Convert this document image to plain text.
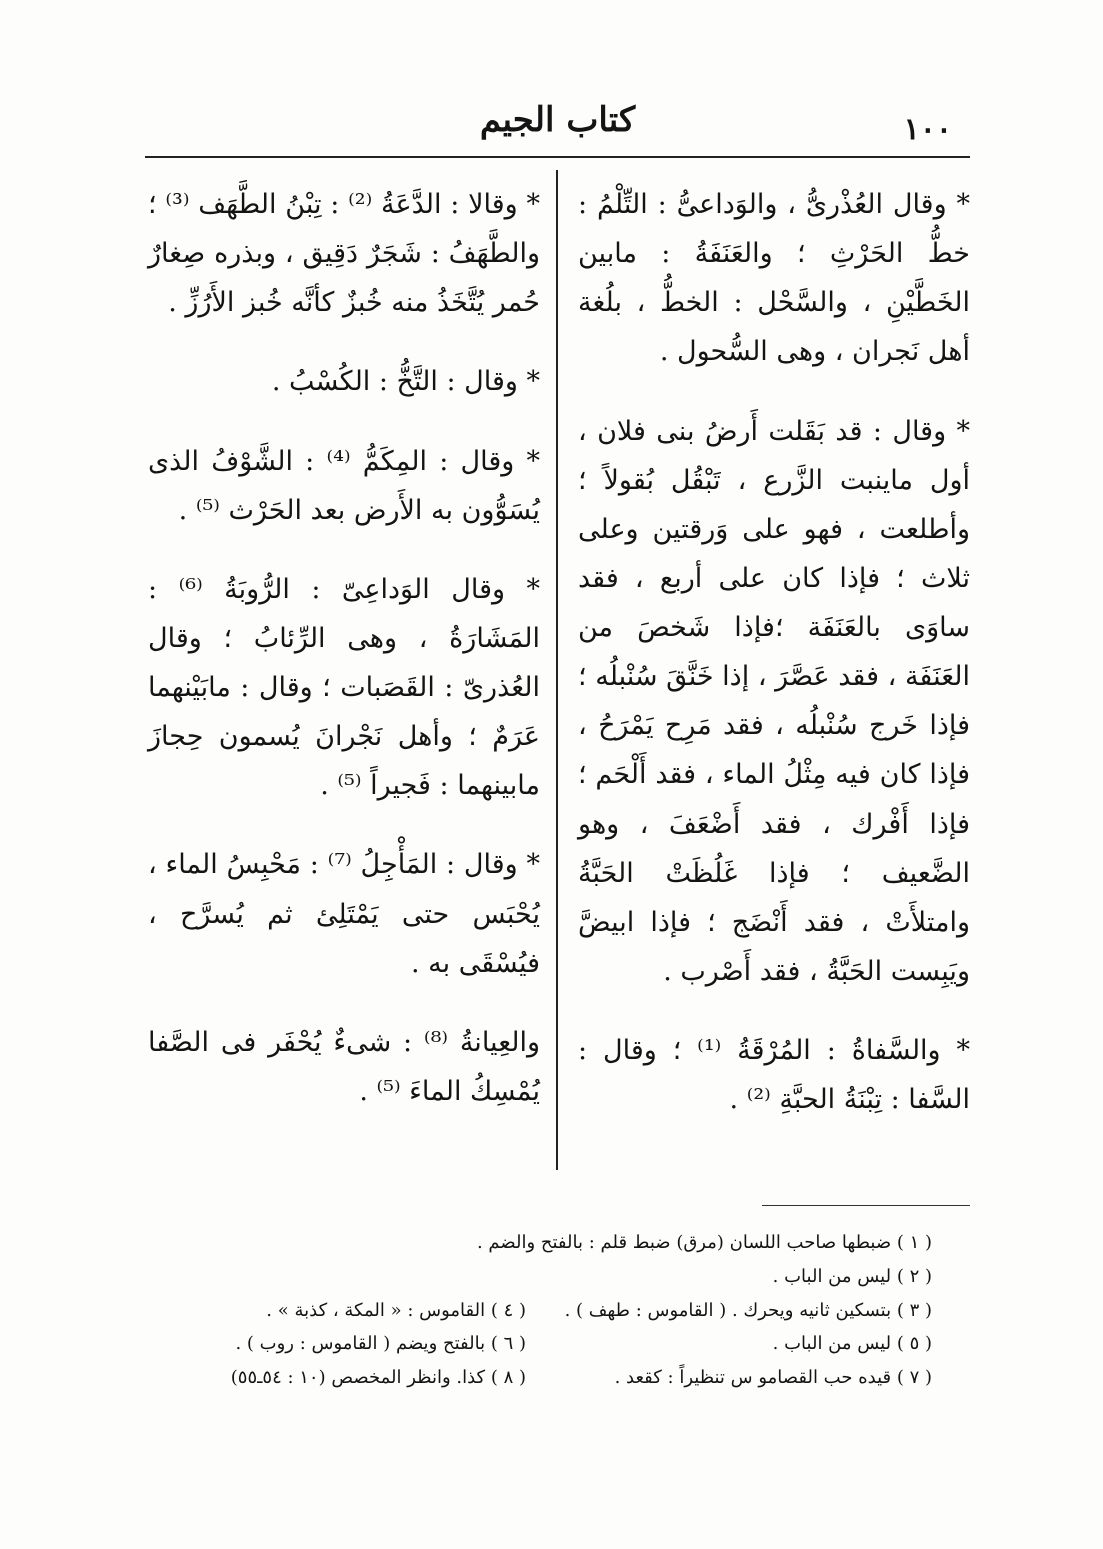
كتاب الجيم	١٠٠

* وقال العُذْرىُّ ، والوَداعىُّ : التِّلْمُ : خطُّ الحَرْثِ ؛ والعَنَفَةُ : مابين الخَطَّيْنِ ، والسَّحْل : الخطُّ ، بلُغة أهل نَجران ، وهى السُّحول .

* وقال : قد بَقَلت أَرضُ بنى فلان ، أول ماينبت الزَّرع ، تَبْقُل بُقولاً ؛ وأطلعت ، فهو على وَرقتين وعلى ثلاث ؛ فإذا كان على أربع ، فقد ساوَى بالعَنَفَة ؛فإذا شَخصَ من العَنَفَة ، فقد عَصَّرَ ، إذا خَنَّقَ سُنْبلُه ؛ فإذا خَرج سُنْبلُه ، فقد مَرِح يَمْرَحُ ، فإذا كان فيه مِثْلُ الماء ، فقد أَلْحَم ؛ فإذا أَفْرك ، فقد أَضْعَفَ ، وهو الضَّعيف ؛ فإذا غَلُظَتْ الحَبَّةُ وامتلأَتْ ، فقد أَنْضَج ؛ فإذا ابيضَّ ويَبِست الحَبَّةُ ، فقد أَصْرب .

* والسَّفاةُ : المُرْقَةُ ⁽¹⁾ ؛ وقال : السَّفا : تِبْنَةُ الحبَّةِ ⁽²⁾ .

* وقالا : الدَّعَةُ ⁽²⁾ : تِبْنُ الطَّهَف ⁽³⁾ ؛ والطَّهَفُ : شَجَرٌ دَقِيق ، وبذره صِغارٌ حُمر يُتَّخَذُ منه خُبزٌ كأنَّه خُبز الأَرُزِّ .

* وقال : التَّخُّ : الكُسْبُ .

* وقال : المِكَمُّ ⁽⁴⁾ : الشَّوْفُ الذى يُسَوُّون به الأَرض بعد الحَرْث ⁽⁵⁾ .

* وقال الوَداعِىّ : الرُّوبَةُ ⁽⁶⁾ : المَشَارَةُ ، وهى الرِّئابُ ؛ وقال العُذرىّ : القَصَبات ؛ وقال : مابَيْنهما عَرَمٌ ؛ وأهل نَجْرانَ يُسمون حِجازَ مابينهما : فَجيراً ⁽⁵⁾ .

* وقال : المَأْجِلُ ⁽⁷⁾ : مَحْبِسُ الماء ، يُحْبَس حتى يَمْتَلِئ ثم يُسرَّح ، فيُسْقَى به .

والعِيانةُ ⁽⁸⁾ : شىءٌ يُحْفَر فى الصَّفا يُمْسِكُ الماءَ ⁽⁵⁾ .

( ١ ) ضبطها صاحب اللسان (مرق) ضبط قلم : بالفتح والضم .
( ٢ ) ليس من الباب .
( ٣ ) بتسكين ثانيه ويحرك . ( القاموس : طهف ) .
( ٤ ) القاموس : « المكة ، كذبة » .
( ٥ ) ليس من الباب .
( ٦ ) بالفتح ويضم ( القاموس : روب ) .
( ٧ ) قيده حب القصامو س تنظيراً : كقعد .
( ٨ ) كذا. وانظر المخصص (١٠ : ٥٤ـ٥٥)
